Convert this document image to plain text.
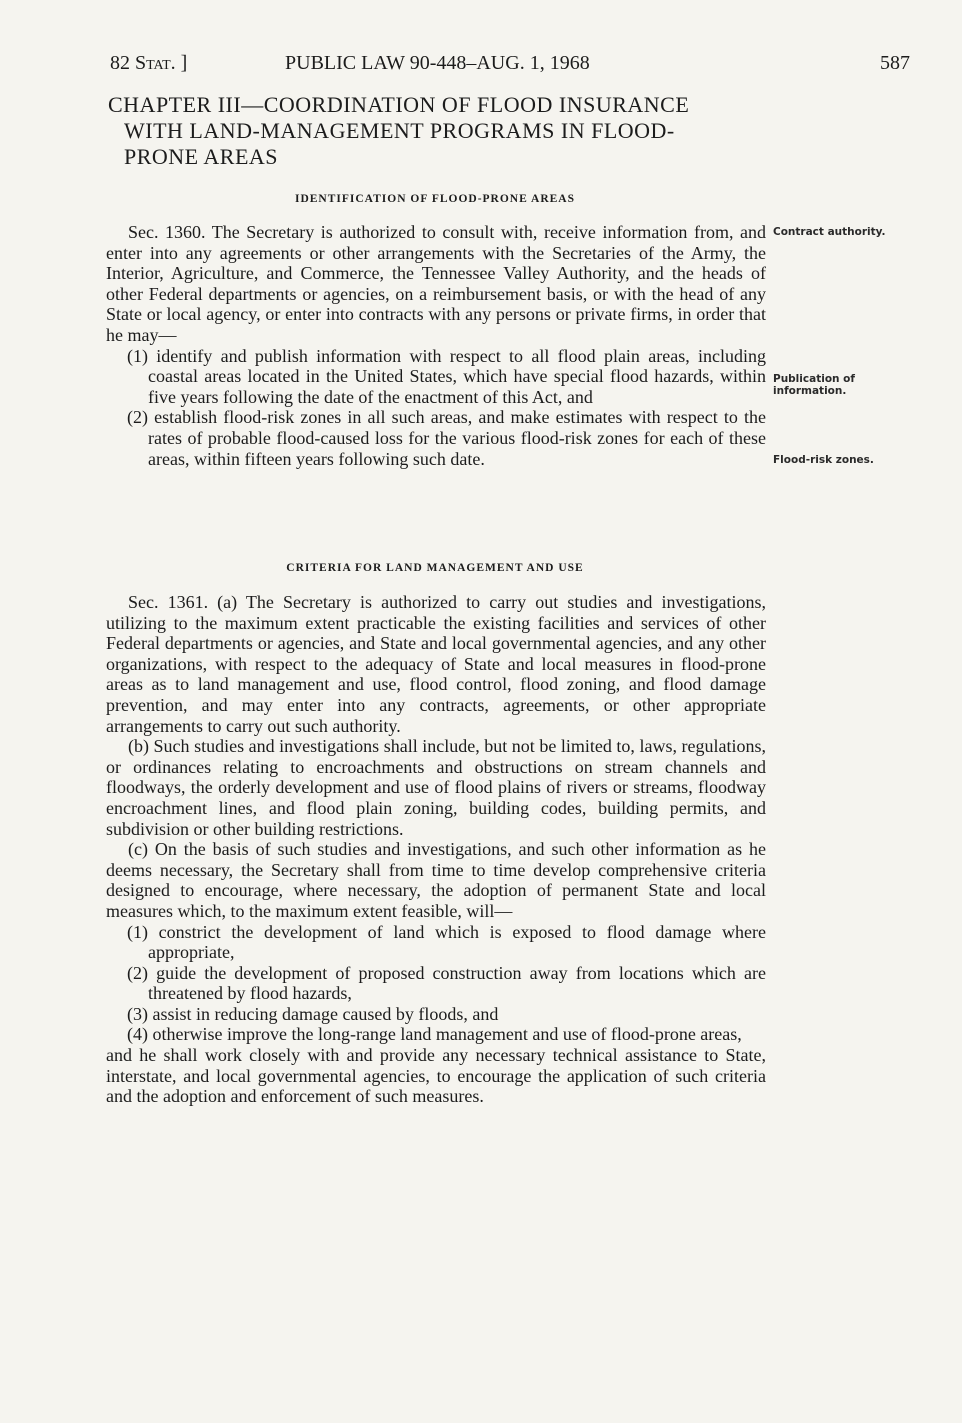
82 Stat. ]	PUBLIC LAW 90-448–AUG. 1, 1968	587
CHAPTER III—COORDINATION OF FLOOD INSURANCE
WITH LAND-MANAGEMENT PROGRAMS IN FLOOD-
PRONE AREAS
IDENTIFICATION OF FLOOD-PRONE AREAS

Sec. 1360. The Secretary is authorized to consult with, receive information from, and enter into any agreements or other arrangements with the Secretaries of the Army, the Interior, Agriculture, and Commerce, the Tennessee Valley Authority, and the heads of other Federal departments or agencies, on a reimbursement basis, or with the head of any State or local agency, or enter into contracts with any persons or private firms, in order that he may—

(1) identify and publish information with respect to all flood plain areas, including coastal areas located in the United States, which have special flood hazards, within five years following the date of the enactment of this Act, and

(2) establish flood-risk zones in all such areas, and make estimates with respect to the rates of probable flood-caused loss for the various flood-risk zones for each of these areas, within fifteen years following such date.

Contract authority.
Publication of information.
Flood-risk zones.
CRITERIA FOR LAND MANAGEMENT AND USE

Sec. 1361. (a) The Secretary is authorized to carry out studies and investigations, utilizing to the maximum extent practicable the existing facilities and services of other Federal departments or agencies, and State and local governmental agencies, and any other organizations, with respect to the adequacy of State and local measures in flood-prone areas as to land management and use, flood control, flood zoning, and flood damage prevention, and may enter into any contracts, agreements, or other appropriate arrangements to carry out such authority.

(b) Such studies and investigations shall include, but not be limited to, laws, regulations, or ordinances relating to encroachments and obstructions on stream channels and floodways, the orderly development and use of flood plains of rivers or streams, floodway encroachment lines, and flood plain zoning, building codes, building permits, and subdivision or other building restrictions.

(c) On the basis of such studies and investigations, and such other information as he deems necessary, the Secretary shall from time to time develop comprehensive criteria designed to encourage, where necessary, the adoption of permanent State and local measures which, to the maximum extent feasible, will—

(1) constrict the development of land which is exposed to flood damage where appropriate,

(2) guide the development of proposed construction away from locations which are threatened by flood hazards,

(3) assist in reducing damage caused by floods, and

(4) otherwise improve the long-range land management and use of flood-prone areas,

and he shall work closely with and provide any necessary technical assistance to State, interstate, and local governmental agencies, to encourage the application of such criteria and the adoption and enforcement of such measures.
